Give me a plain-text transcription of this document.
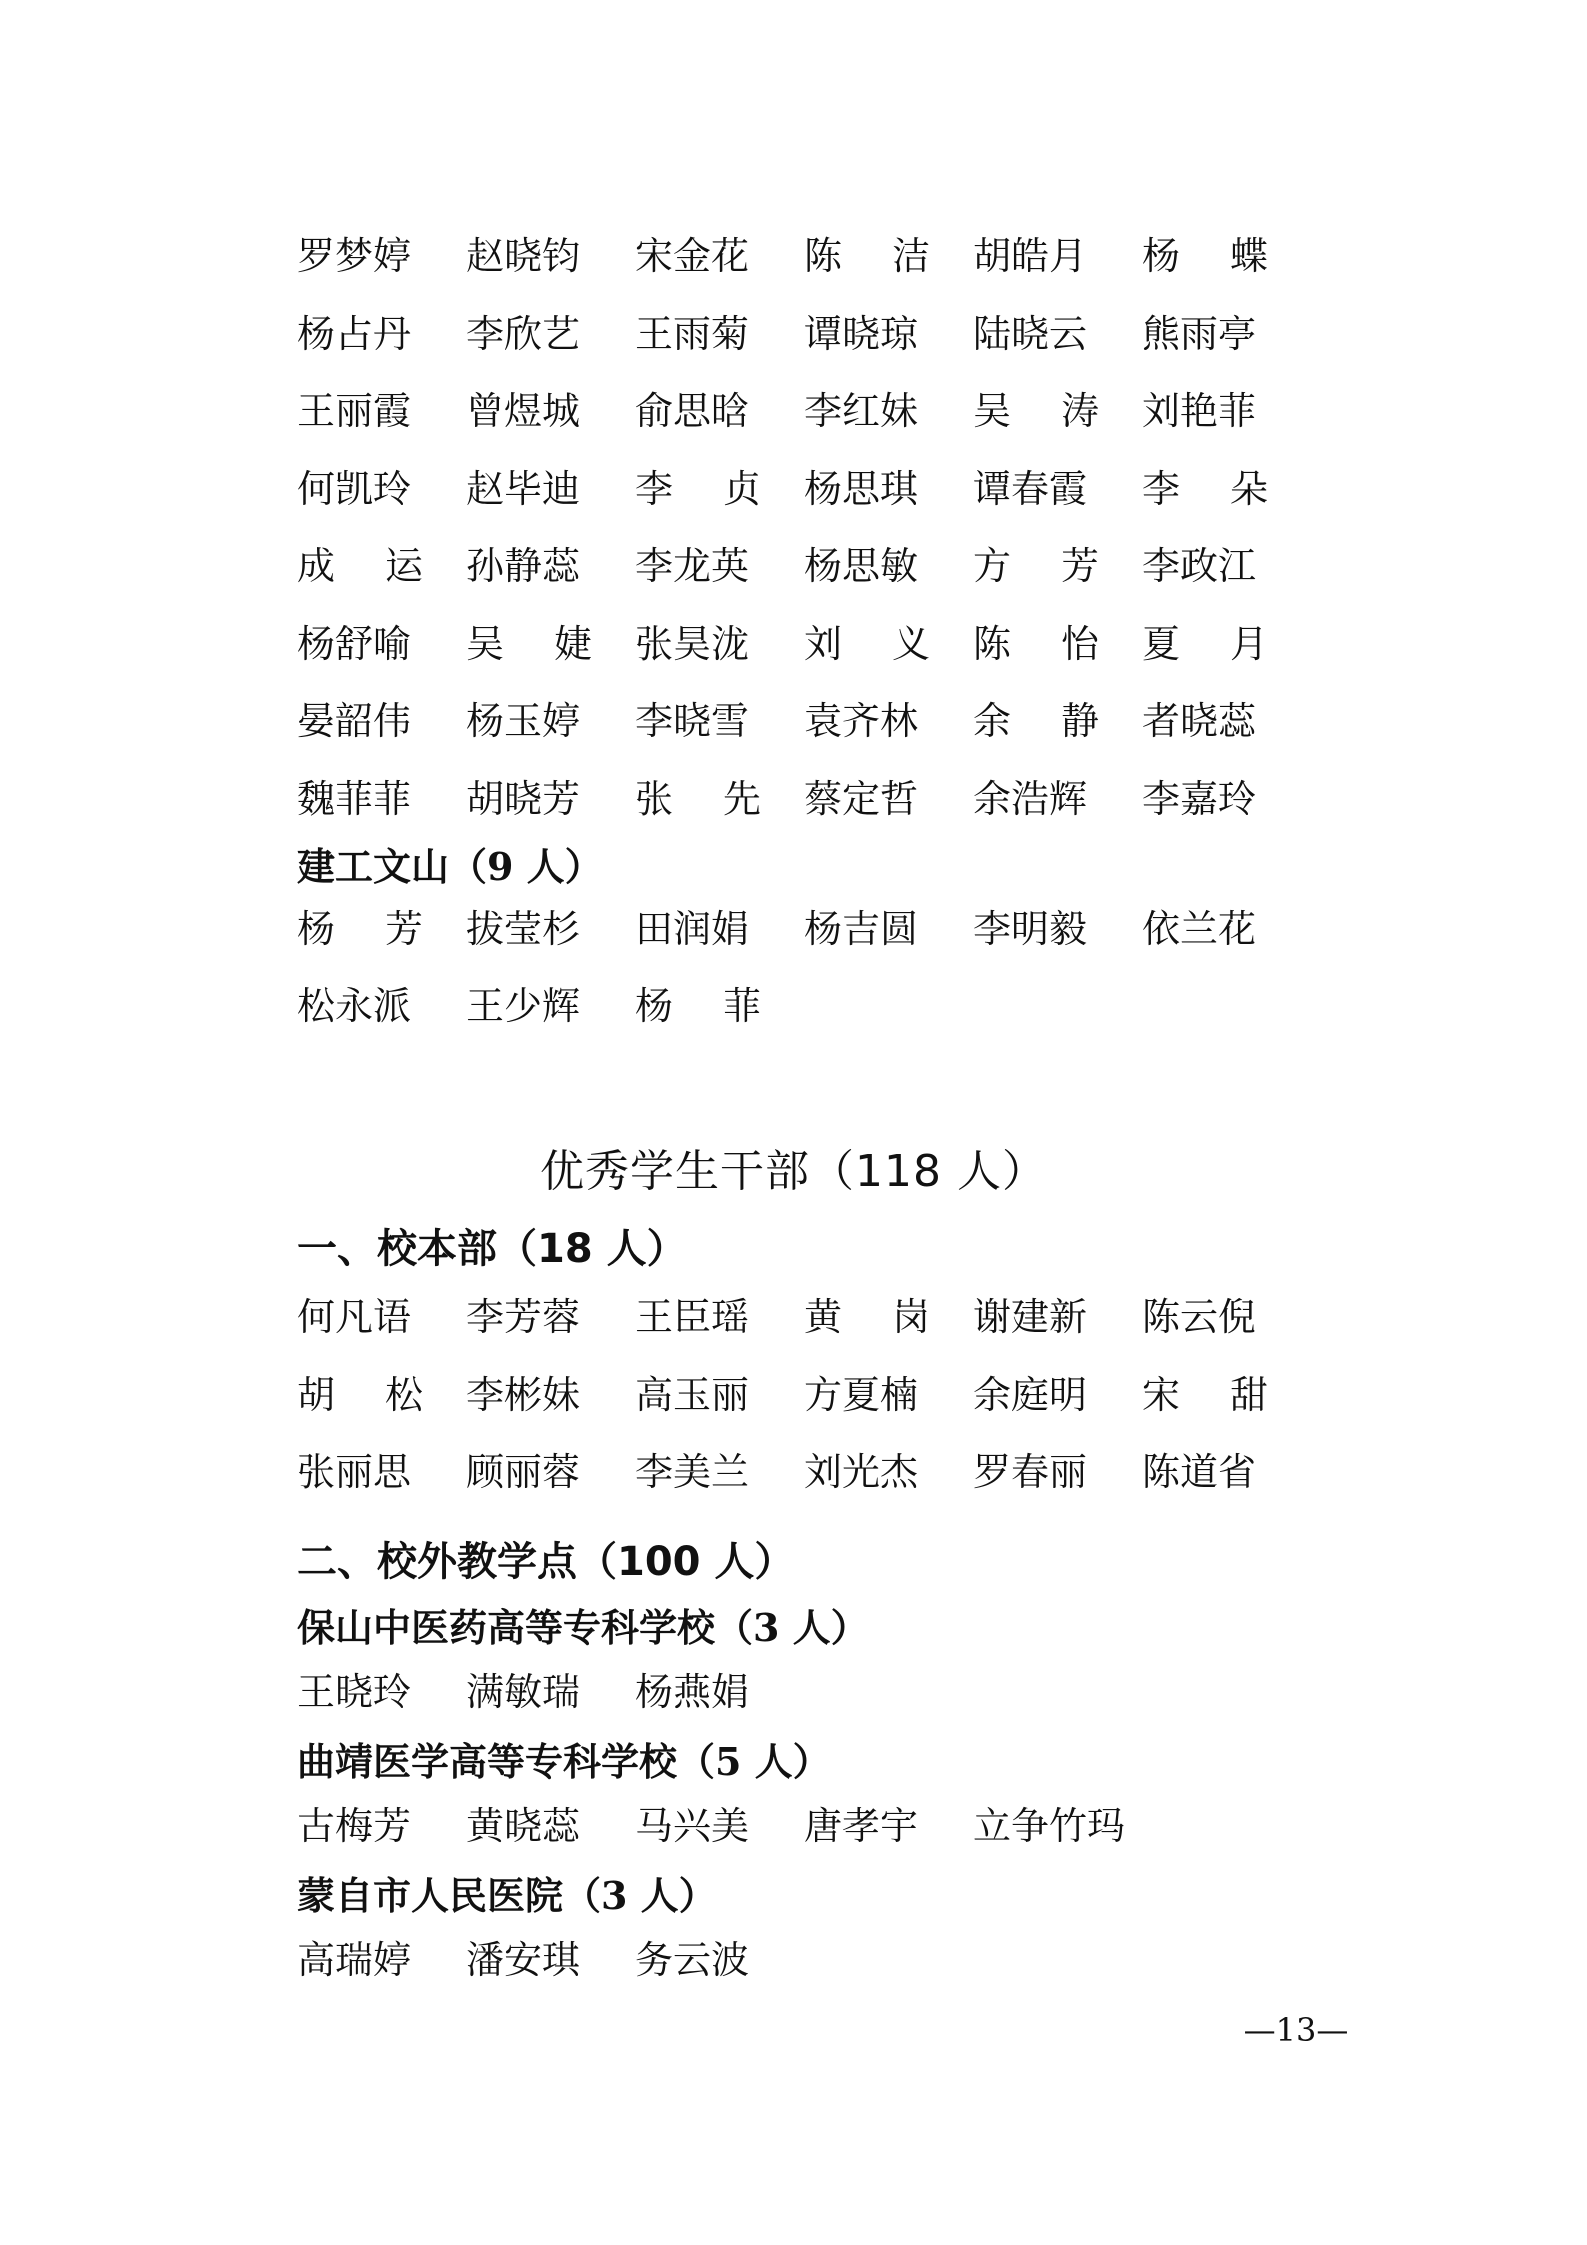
罗梦婷	赵晓钧	宋金花	陈 洁 胡皓月	杨 蝶
杨占丹	李欣艺	王雨菊	谭晓琼	陆晓云	熊雨亭
王丽霞	曾煜城	俞思晗	李红妹	吴 涛 刘艳菲
何凯玲	赵毕迪	李 贞 杨思琪	谭春霞	李 朵
成 运 孙静蕊	李龙英	杨思敏	方 芳 李政江
杨舒喻	吴 婕 张昊泷	刘 义 陈 怡 夏 月
晏韶伟	杨玉婷	李晓雪	袁齐林	余 静 者晓蕊
魏菲菲	胡晓芳	张 先 蔡定哲	余浩辉	李嘉玲
建工文山（9 人）
杨 芳 拔莹杉	田润娟	杨吉圆	李明毅	依兰花
松永派	王少辉	杨 菲
优秀学生干部（118 人）
一、校本部（18 人）
何凡语	李芳蓉	王臣瑶	黄 岗 谢建新	陈云倪
胡 松 李彬妹	高玉丽	方夏楠	余庭明	宋 甜
张丽思	顾丽蓉	李美兰	刘光杰	罗春丽	陈道省
二、校外教学点（100 人）
保山中医药高等专科学校（3 人）
王晓玲	满敏瑞	杨燕娟
曲靖医学高等专科学校（5 人）
古梅芳	黄晓蕊	马兴美	唐孝宇	立争竹玛
蒙自市人民医院（3 人）
高瑞婷	潘安琪	务云波
—13—
